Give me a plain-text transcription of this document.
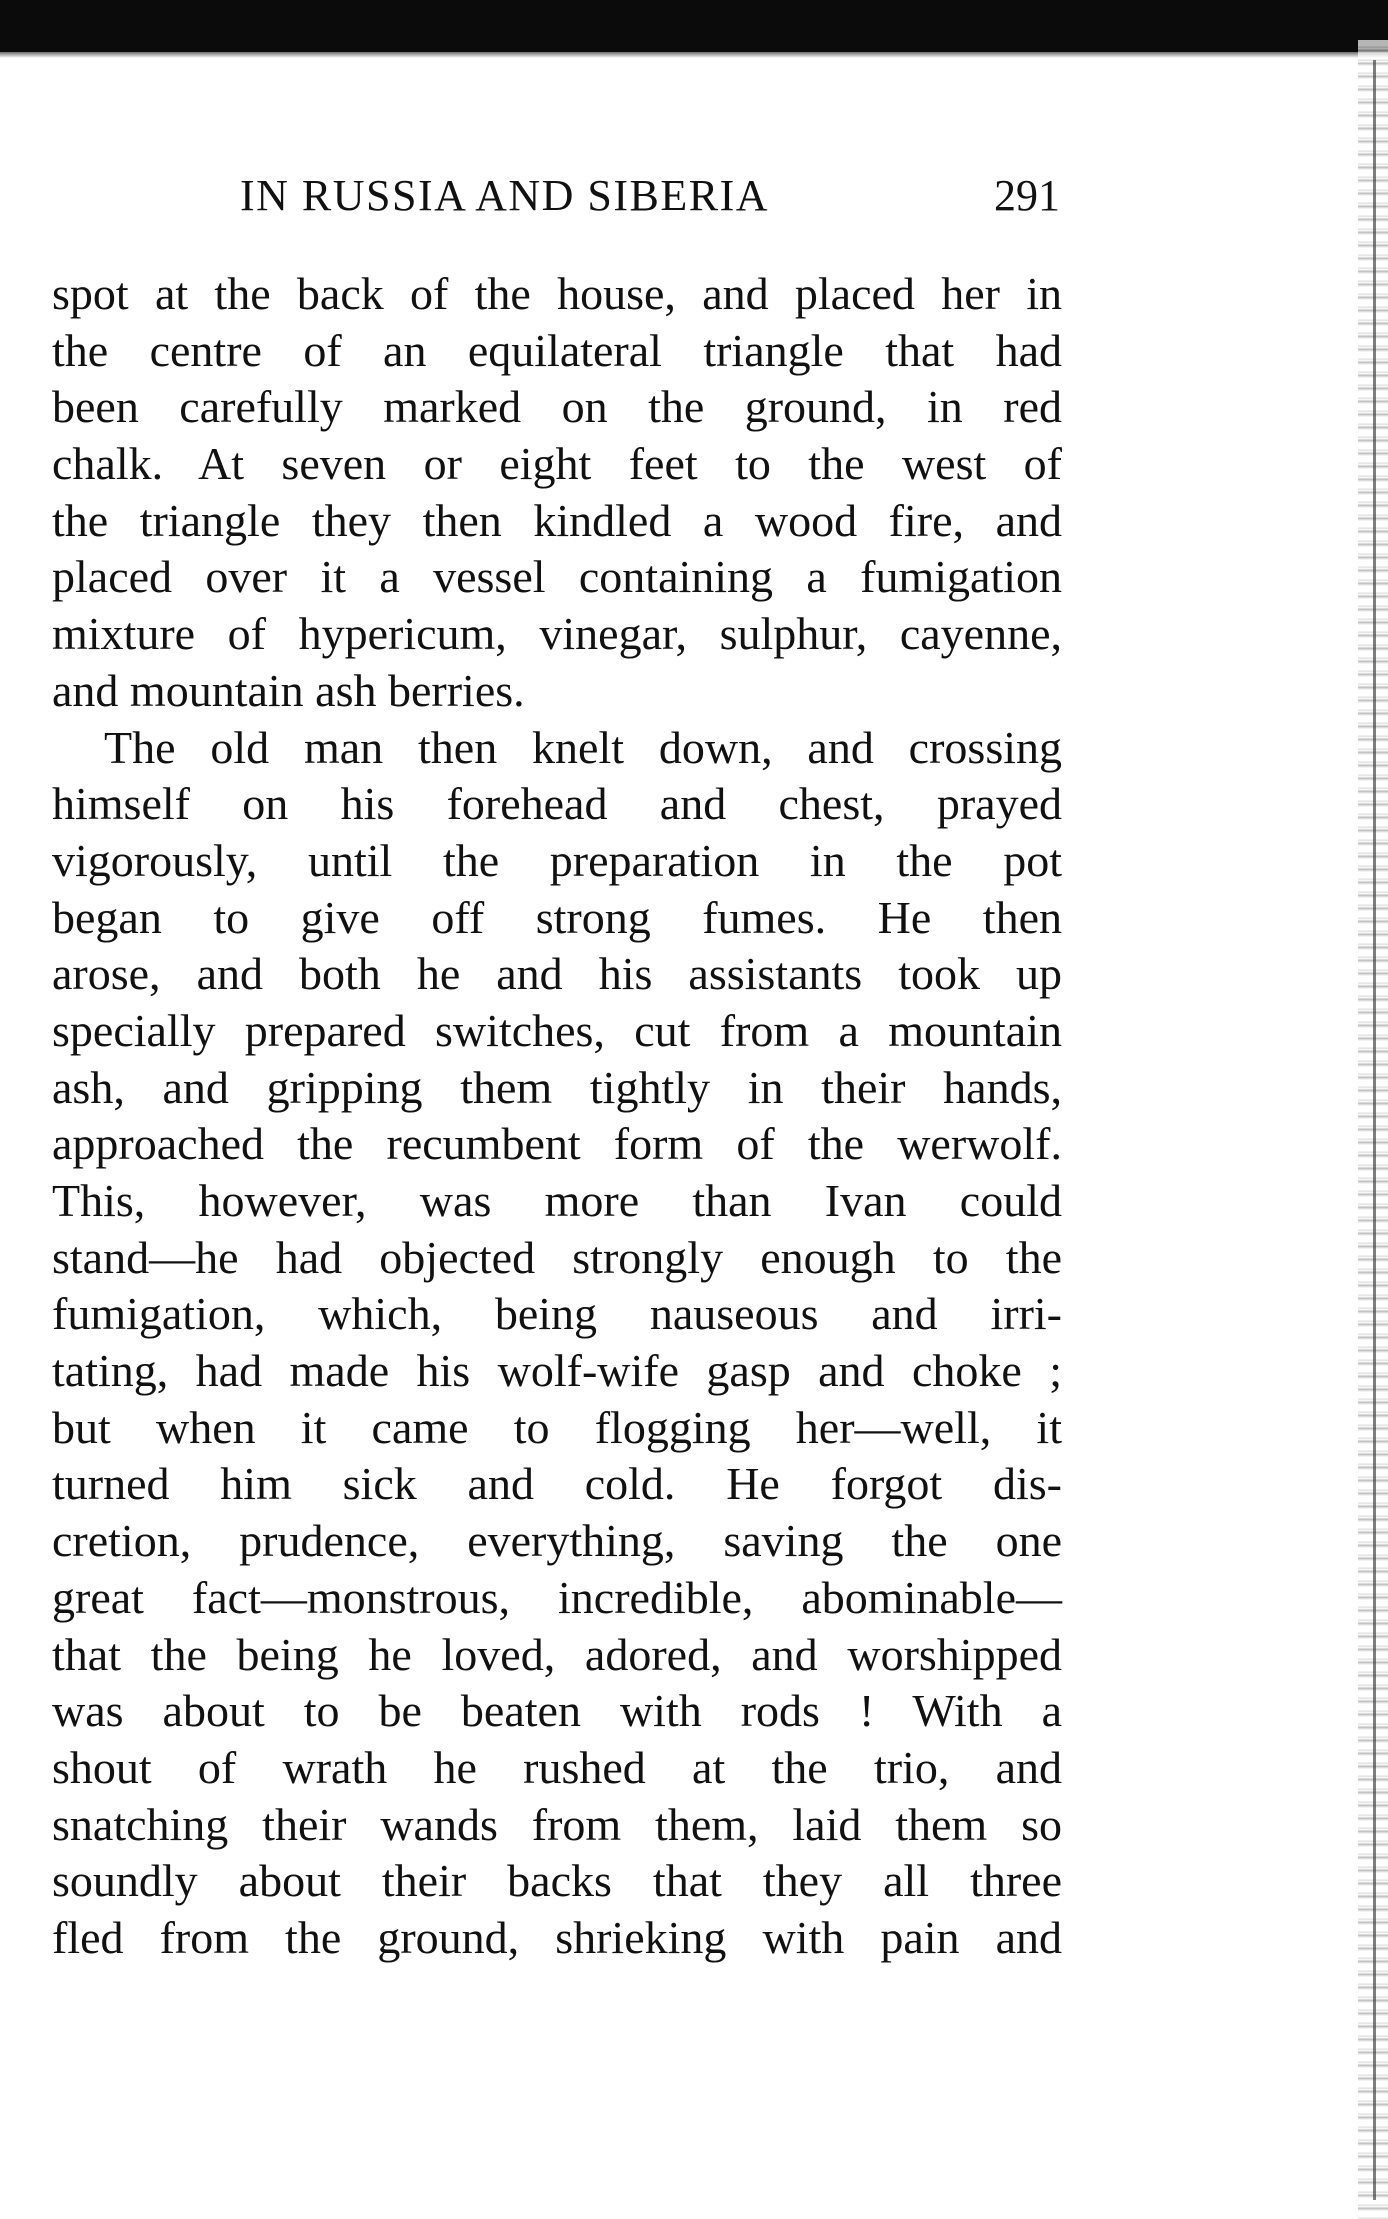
IN RUSSIA AND SIBERIA	291
spot at the back of the house, and placed her in
the centre of an equilateral triangle that had
been carefully marked on the ground, in red
chalk. At seven or eight feet to the west of
the triangle they then kindled a wood fire, and
placed over it a vessel containing a fumigation
mixture of hypericum, vinegar, sulphur, cayenne,
and mountain ash berries.
The old man then knelt down, and crossing
himself on his forehead and chest, prayed
vigorously, until the preparation in the pot
began to give off strong fumes. He then
arose, and both he and his assistants took up
specially prepared switches, cut from a mountain
ash, and gripping them tightly in their hands,
approached the recumbent form of the werwolf.
This, however, was more than Ivan could
stand—he had objected strongly enough to the
fumigation, which, being nauseous and irri-
tating, had made his wolf-wife gasp and choke ;
but when it came to flogging her—well, it
turned him sick and cold. He forgot dis-
cretion, prudence, everything, saving the one
great fact—monstrous, incredible, abominable—
that the being he loved, adored, and worshipped
was about to be beaten with rods ! With a
shout of wrath he rushed at the trio, and
snatching their wands from them, laid them so
soundly about their backs that they all three
fled from the ground, shrieking with pain and
